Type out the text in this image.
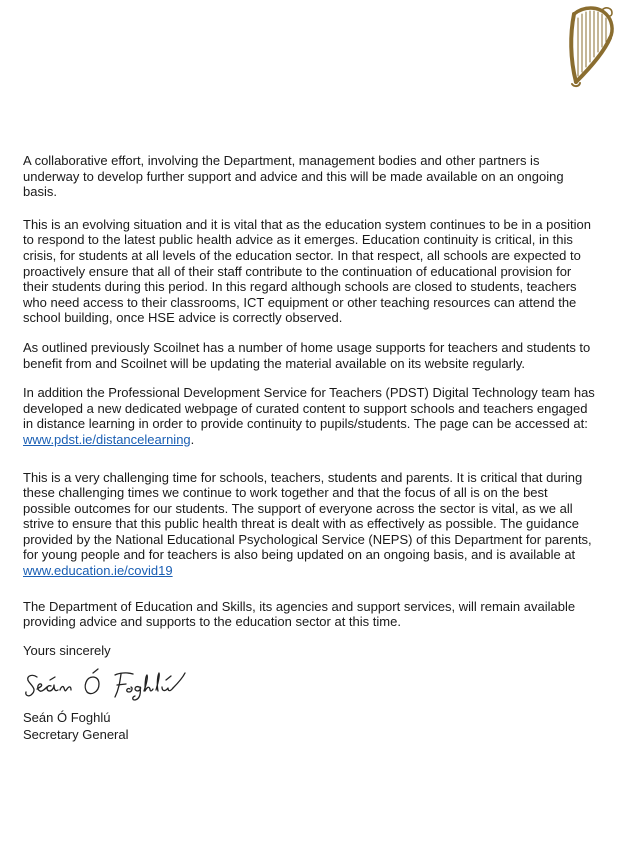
A collaborative effort, involving the Department, management bodies and other partners is underway to develop further support and advice and this will be made available on an ongoing basis.

This is an evolving situation and it is vital that as the education system continues to be in a position to respond to the latest public health advice as it emerges. Education continuity is critical, in this crisis, for students at all levels of the education sector. In that respect, all schools are expected to proactively ensure that all of their staff contribute to the continuation of educational provision for their students during this period. In this regard although schools are closed to students, teachers who need access to their classrooms, ICT equipment or other teaching resources can attend the school building, once HSE advice is correctly observed.

As outlined previously Scoilnet has a number of home usage supports for teachers and students to benefit from and Scoilnet will be updating the material available on its website regularly.

In addition the Professional Development Service for Teachers (PDST) Digital Technology team has developed a new dedicated webpage of curated content to support schools and teachers engaged in distance learning in order to provide continuity to pupils/students. The page can be accessed at:
www.pdst.ie/distancelearning.

This is a very challenging time for schools, teachers, students and parents. It is critical that during these challenging times we continue to work together and that the focus of all is on the best possible outcomes for our students. The support of everyone across the sector is vital, as we all strive to ensure that this public health threat is dealt with as effectively as possible. The guidance provided by the National Educational Psychological Service (NEPS) of this Department for parents, for young people and for teachers is also being updated on an ongoing basis, and is available at
www.education.ie/covid19

The Department of Education and Skills, its agencies and support services, will remain available providing advice and supports to the education sector at this time.

Yours sincerely

Seán Ó Foghlú

Secretary General
